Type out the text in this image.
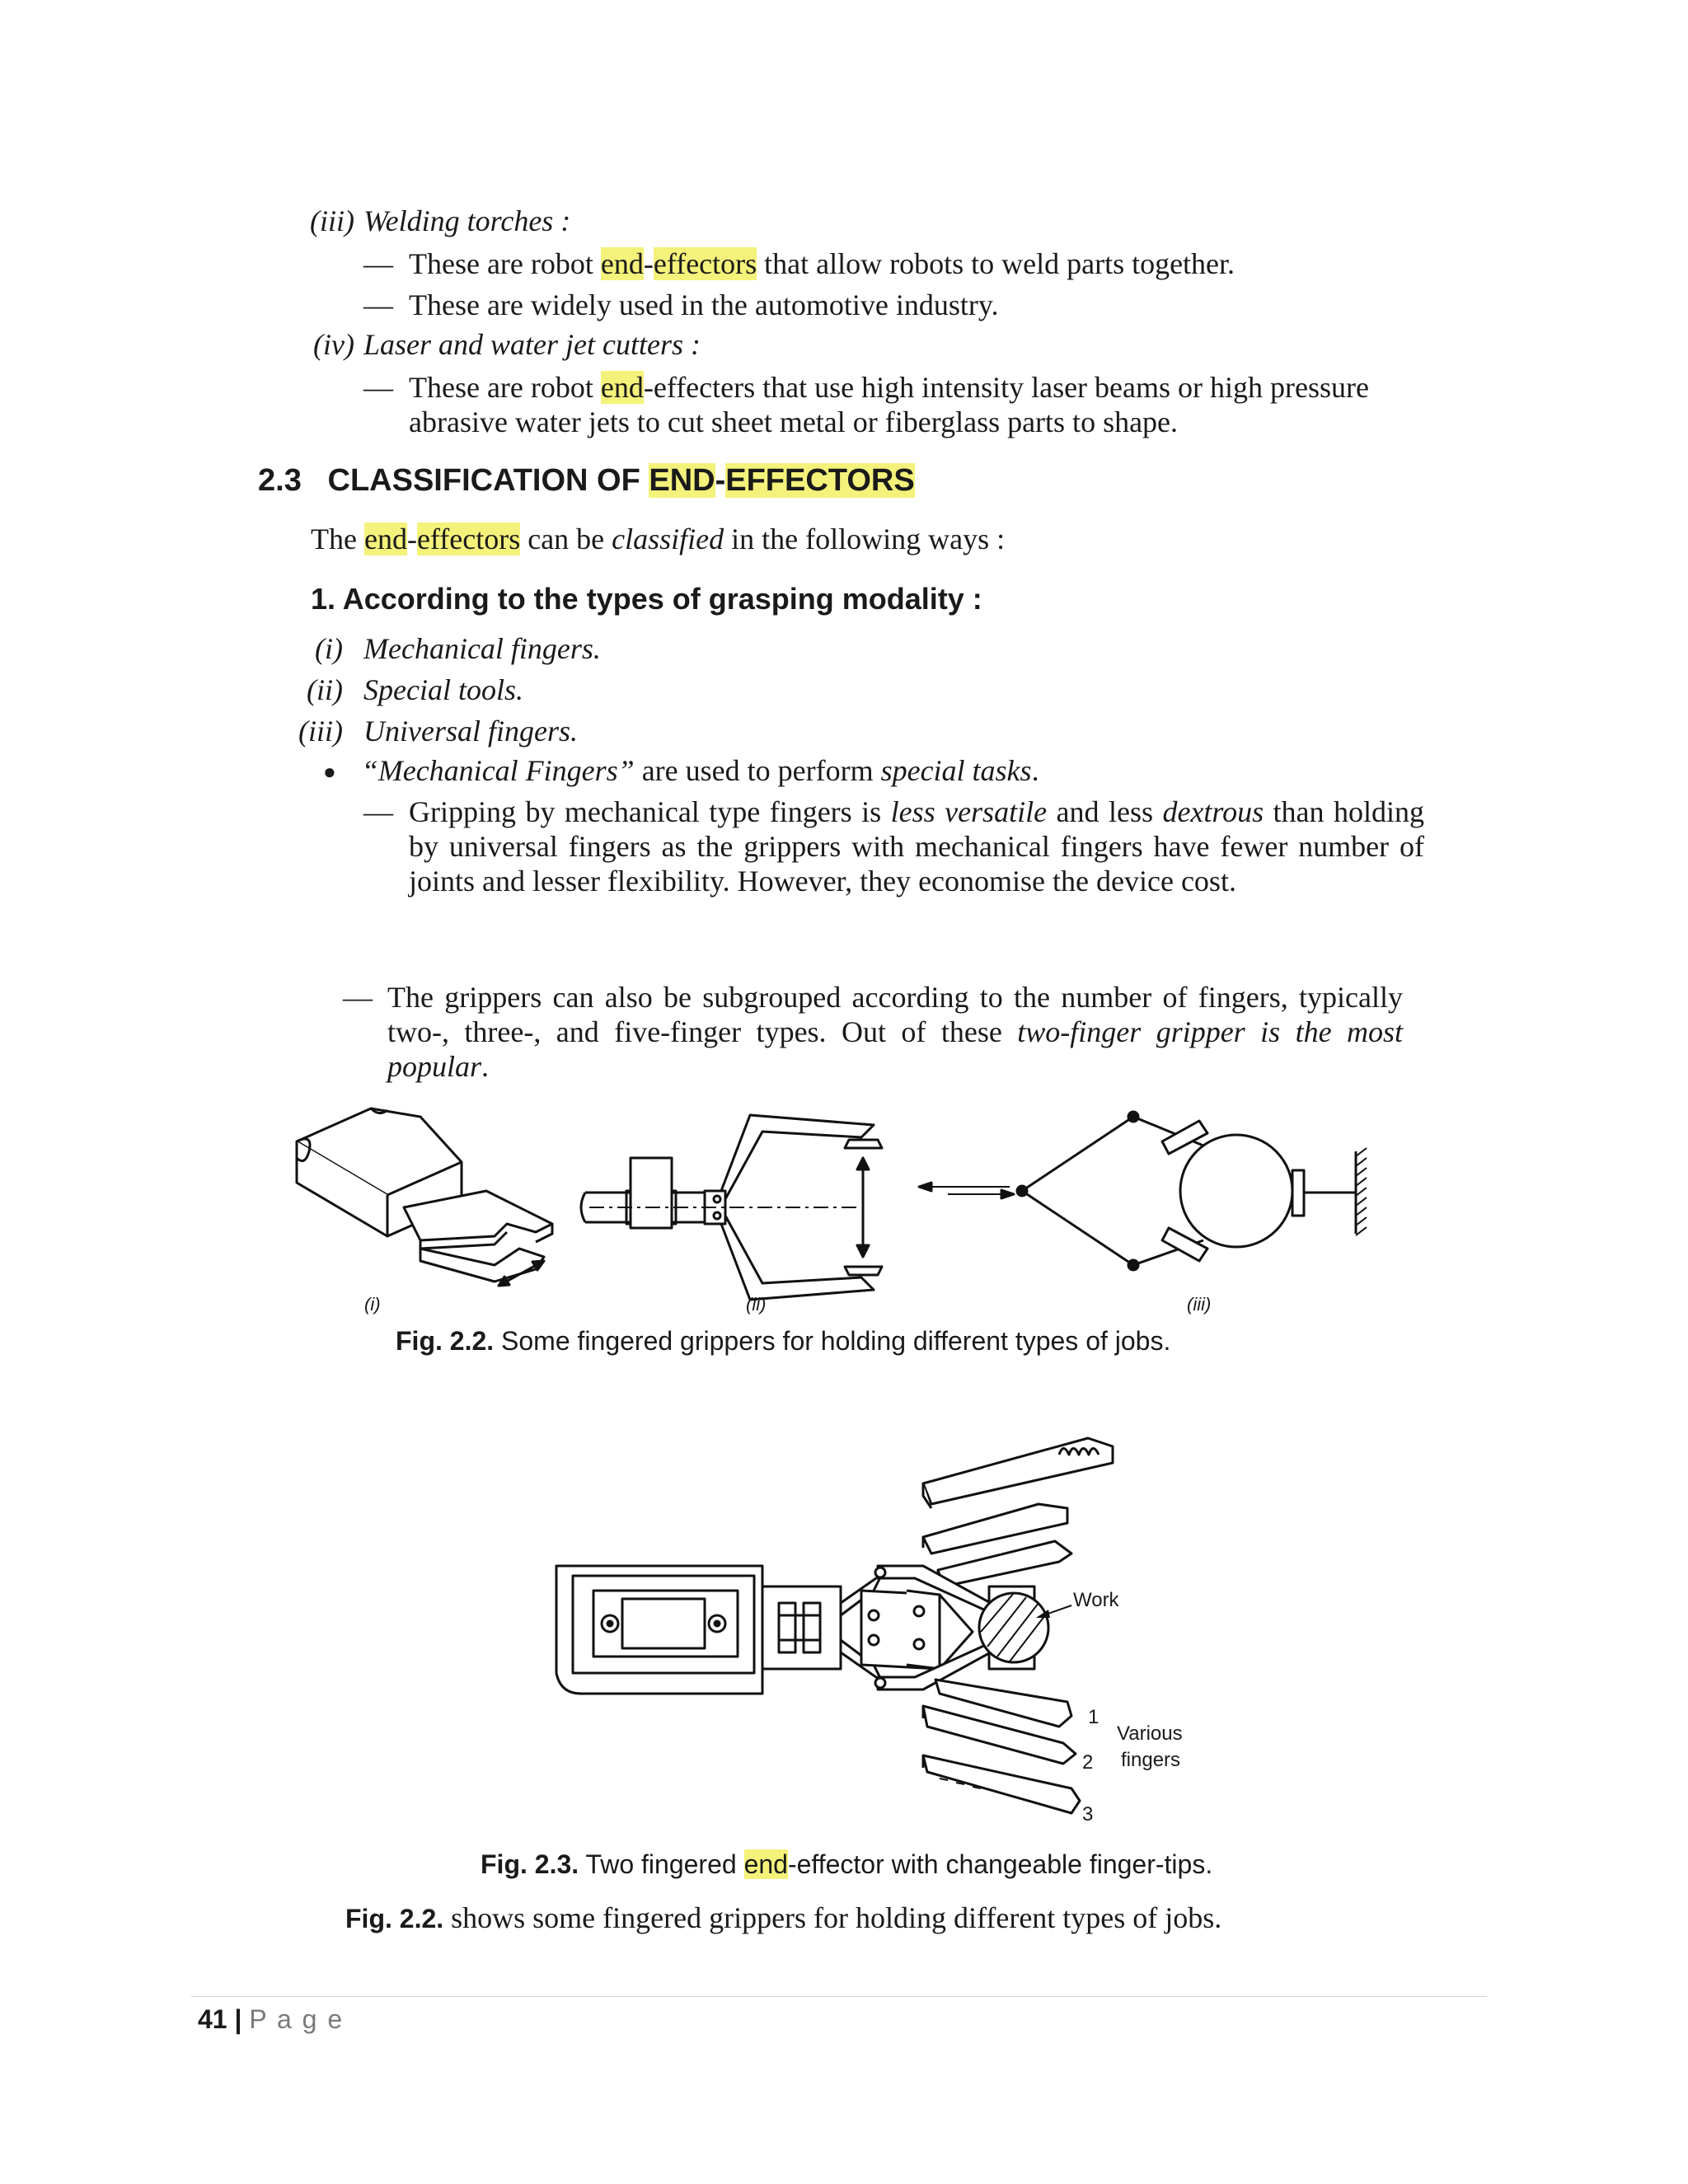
(iii) Welding torches :
— These are robot end-effectors that allow robots to weld parts together.
— These are widely used in the automotive industry.
(iv) Laser and water jet cutters :
— These are robot end-effecters that use high intensity laser beams or high pressure
abrasive water jets to cut sheet metal or fiberglass parts to shape.
2.3 CLASSIFICATION OF END-EFFECTORS
The end-effectors can be classified in the following ways :
1. According to the types of grasping modality :
(i) Mechanical fingers.
(ii) Special tools.
(iii) Universal fingers.
● “Mechanical Fingers” are used to perform special tasks.
— Gripping by mechanical type fingers is less versatile and less dextrous than holding by universal fingers as the grippers with mechanical fingers have fewer number of joints and lesser flexibility. However, they economise the device cost.
— The grippers can also be subgrouped according to the number of fingers, typically two-, three-, and five-finger types. Out of these two-finger gripper is the most popular.
(i)	(ii)	(iii)
Fig. 2.2. Some fingered grippers for holding different types of jobs.
Work
1
2
3
Various
fingers
Fig. 2.3. Two fingered end-effector with changeable finger-tips.
Fig. 2.2. shows some fingered grippers for holding different types of jobs.
41 | P a g e
